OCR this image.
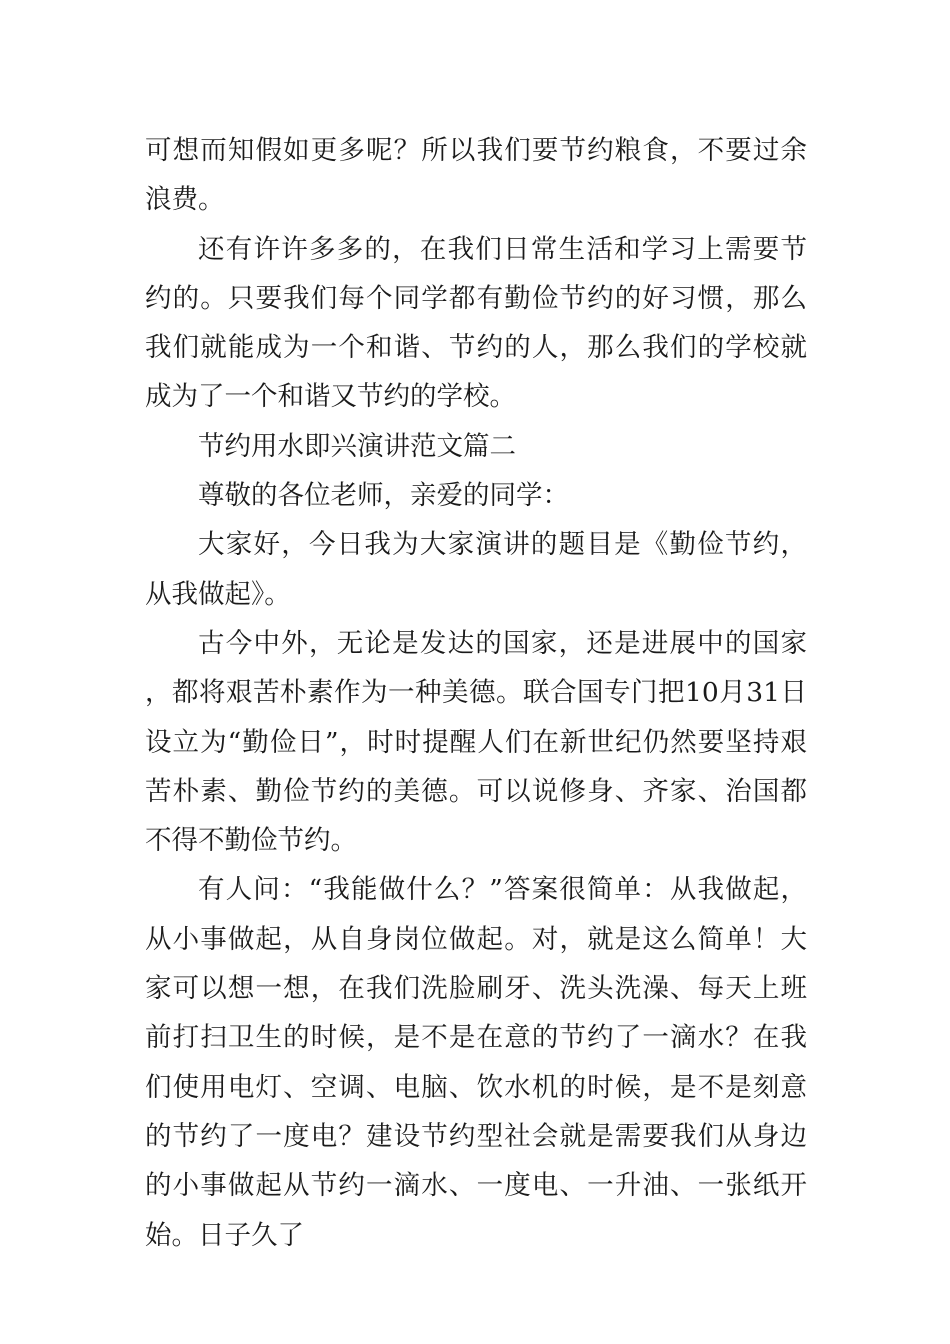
可想而知假如更多呢？所以我们要节约粮食，不要过余浪费。

还有许许多多的，在我们日常生活和学习上需要节约的。只要我们每个同学都有勤俭节约的好习惯，那么我们就能成为一个和谐、节约的人，那么我们的学校就成为了一个和谐又节约的学校。

节约用水即兴演讲范文篇二

尊敬的各位老师，亲爱的同学：

大家好，今日我为大家演讲的题目是《勤俭节约，从我做起》。

古今中外，无论是发达的国家，还是进展中的国家，都将艰苦朴素作为一种美德。联合国专门把10月31日设立为“勤俭日”，时时提醒人们在新世纪仍然要坚持艰苦朴素、勤俭节约的美德。可以说修身、齐家、治国都不得不勤俭节约。

有人问：“我能做什么？”答案很简单：从我做起，从小事做起，从自身岗位做起。对，就是这么简单！大家可以想一想，在我们洗脸刷牙、洗头洗澡、每天上班前打扫卫生的时候，是不是在意的节约了一滴水？在我们使用电灯、空调、电脑、饮水机的时候，是不是刻意的节约了一度电？建设节约型社会就是需要我们从身边的小事做起从节约一滴水、一度电、一升油、一张纸开始。日子久了
